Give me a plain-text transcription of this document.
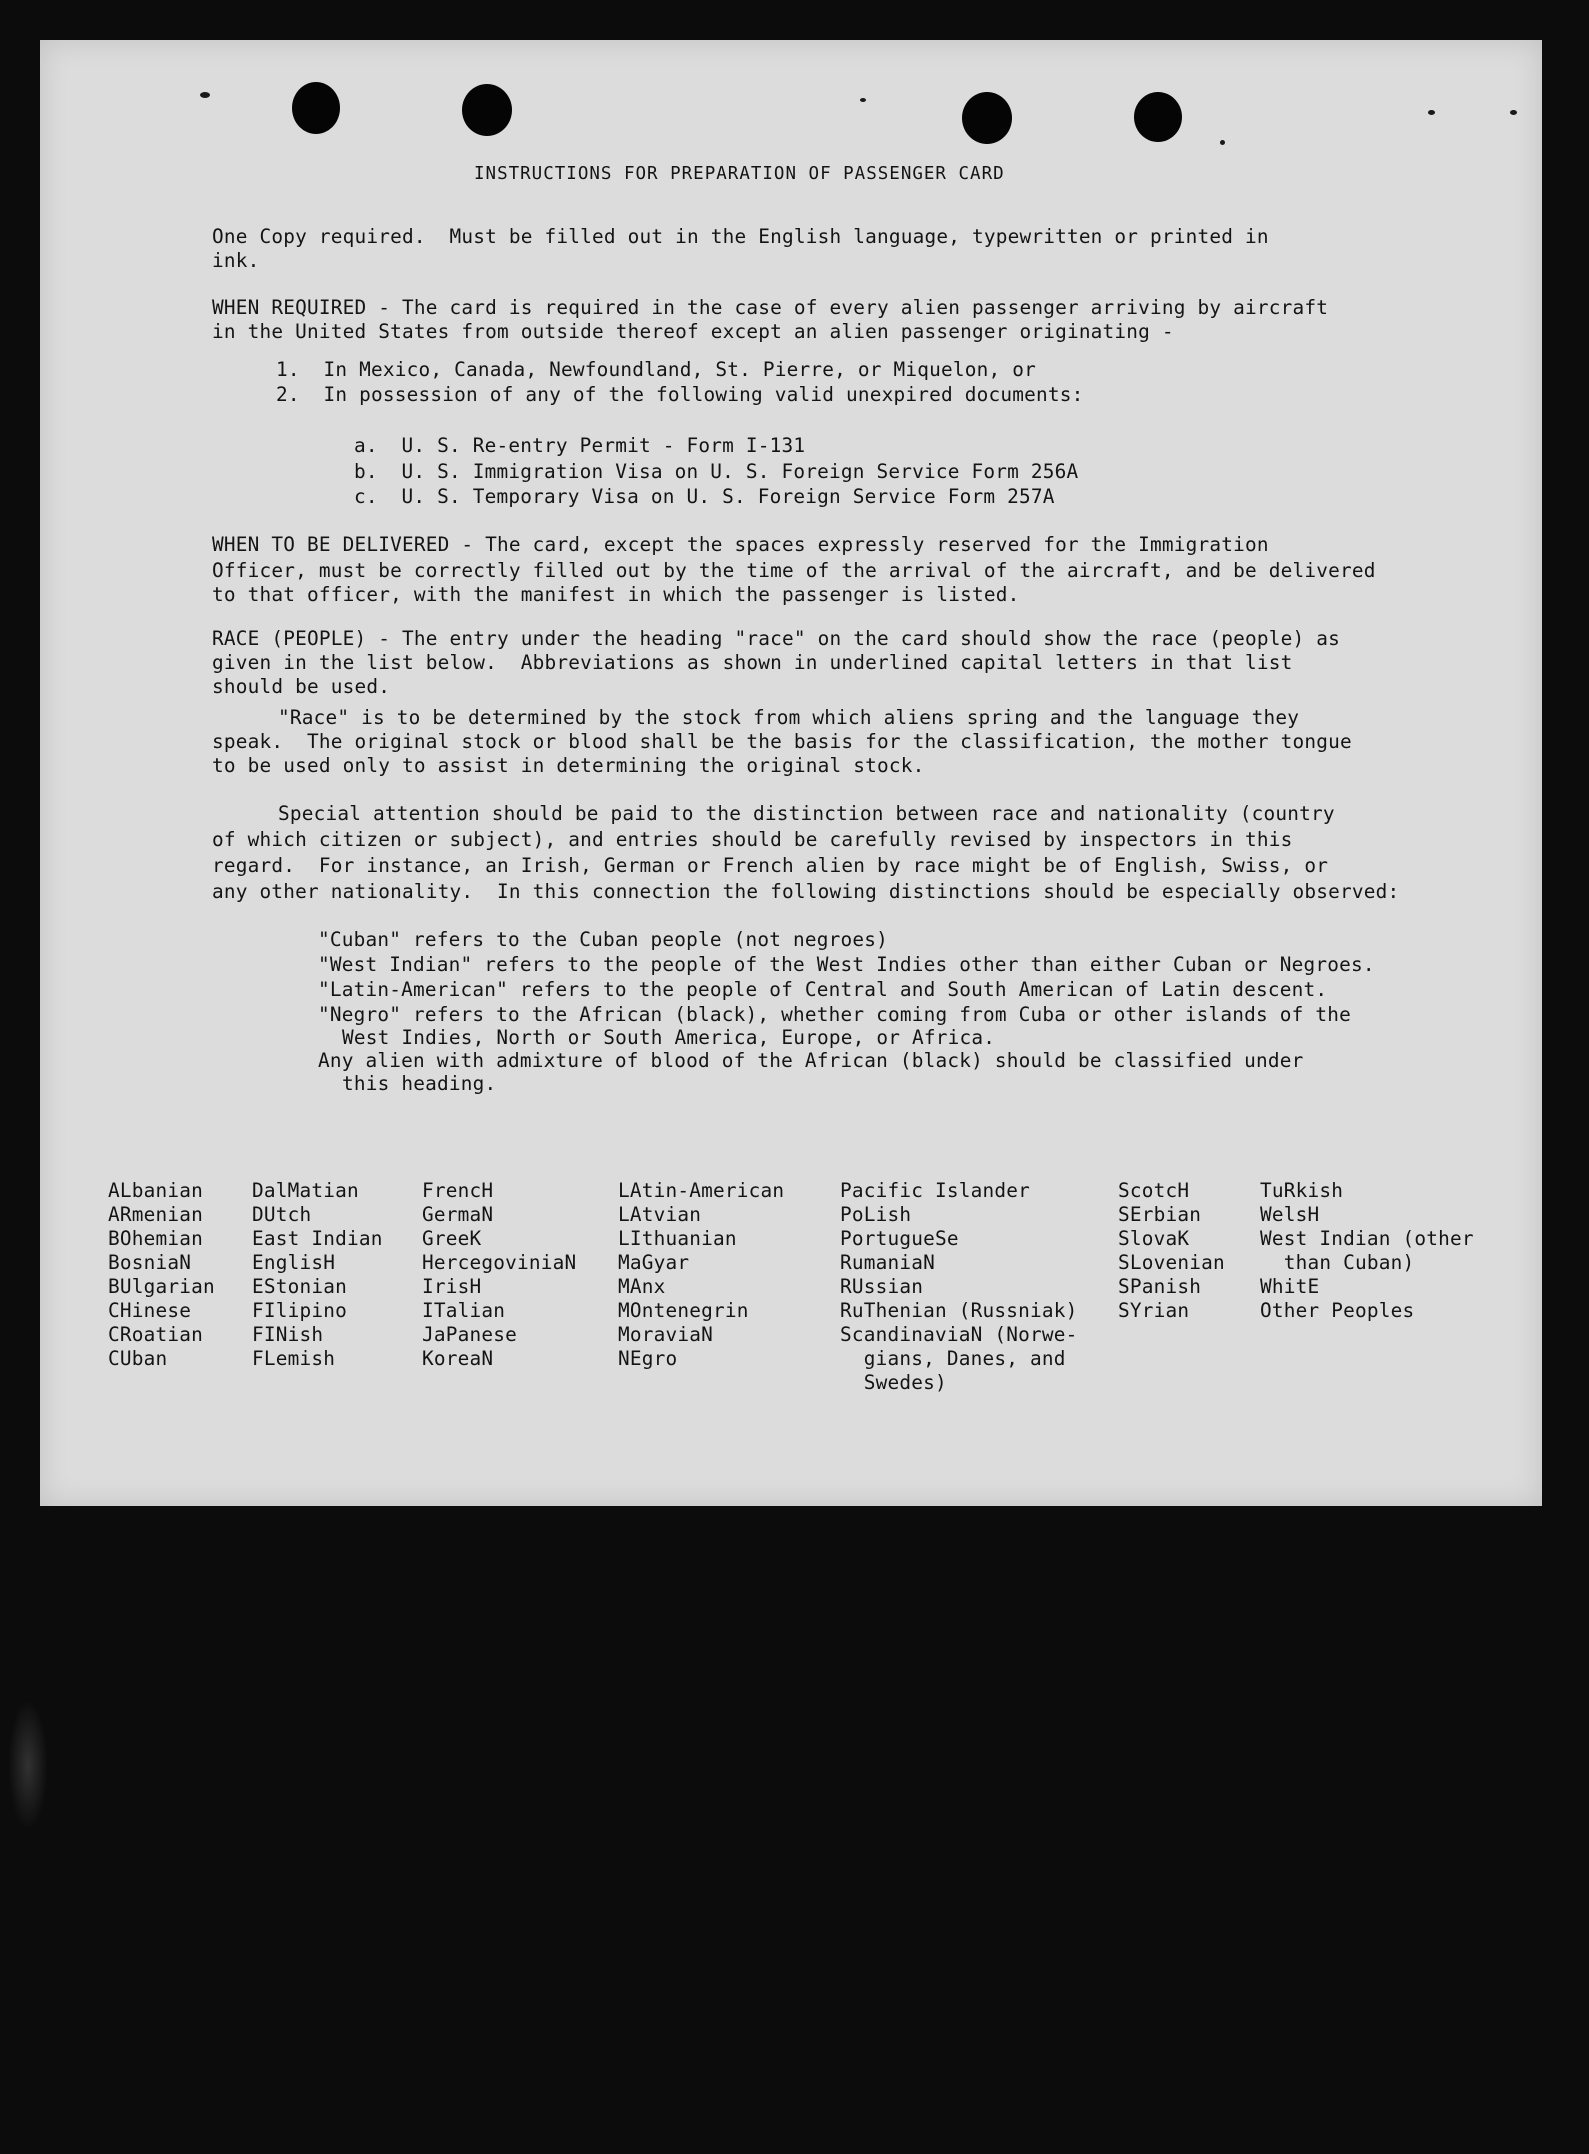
INSTRUCTIONS FOR PREPARATION OF PASSENGER CARD
One Copy required.  Must be filled out in the English language, typewritten or printed in
ink.
WHEN REQUIRED - The card is required in the case of every alien passenger arriving by aircraft
in the United States from outside thereof except an alien passenger originating -
1.  In Mexico, Canada, Newfoundland, St. Pierre, or Miquelon, or
2.  In possession of any of the following valid unexpired documents:
a.  U. S. Re-entry Permit - Form I-131
b.  U. S. Immigration Visa on U. S. Foreign Service Form 256A
c.  U. S. Temporary Visa on U. S. Foreign Service Form 257A
WHEN TO BE DELIVERED - The card, except the spaces expressly reserved for the Immigration
Officer, must be correctly filled out by the time of the arrival of the aircraft, and be delivered
to that officer, with the manifest in which the passenger is listed.
RACE (PEOPLE) - The entry under the heading "race" on the card should show the race (people) as
given in the list below.  Abbreviations as shown in underlined capital letters in that list
should be used.
"Race" is to be determined by the stock from which aliens spring and the language they
speak.  The original stock or blood shall be the basis for the classification, the mother tongue
to be used only to assist in determining the original stock.
Special attention should be paid to the distinction between race and nationality (country
of which citizen or subject), and entries should be carefully revised by inspectors in this
regard.  For instance, an Irish, German or French alien by race might be of English, Swiss, or
any other nationality.  In this connection the following distinctions should be especially observed:
"Cuban" refers to the Cuban people (not negroes)
"West Indian" refers to the people of the West Indies other than either Cuban or Negroes.
"Latin-American" refers to the people of Central and South American of Latin descent.
"Negro" refers to the African (black), whether coming from Cuba or other islands of the
West Indies, North or South America, Europe, or Africa.
Any alien with admixture of blood of the African (black) should be classified under
this heading.

ALbanian
ARmenian
BOhemian
BosniaN
BUlgarian
CHinese
CRoatian
CUban

DalMatian
DUtch
East Indian
EnglisH
EStonian
FIlipino
FINish
FLemish

FrencH
GermaN
GreeK
HercegoviniaN
IrisH
ITalian
JaPanese
KoreaN

LAtin-American
LAtvian
LIthuanian
MaGyar
MAnx
MOntenegrin
MoraviaN
NEgro

Pacific Islander
PoLish
PortugueSe
RumaniaN
RUssian
RuThenian (Russniak)
ScandinaviaN (Norwe-
gians, Danes, and
Swedes)

ScotcH
SErbian
SlovaK
SLovenian
SPanish
SYrian

TuRkish
WelsH
West Indian (other
than Cuban)
WhitE
Other Peoples
